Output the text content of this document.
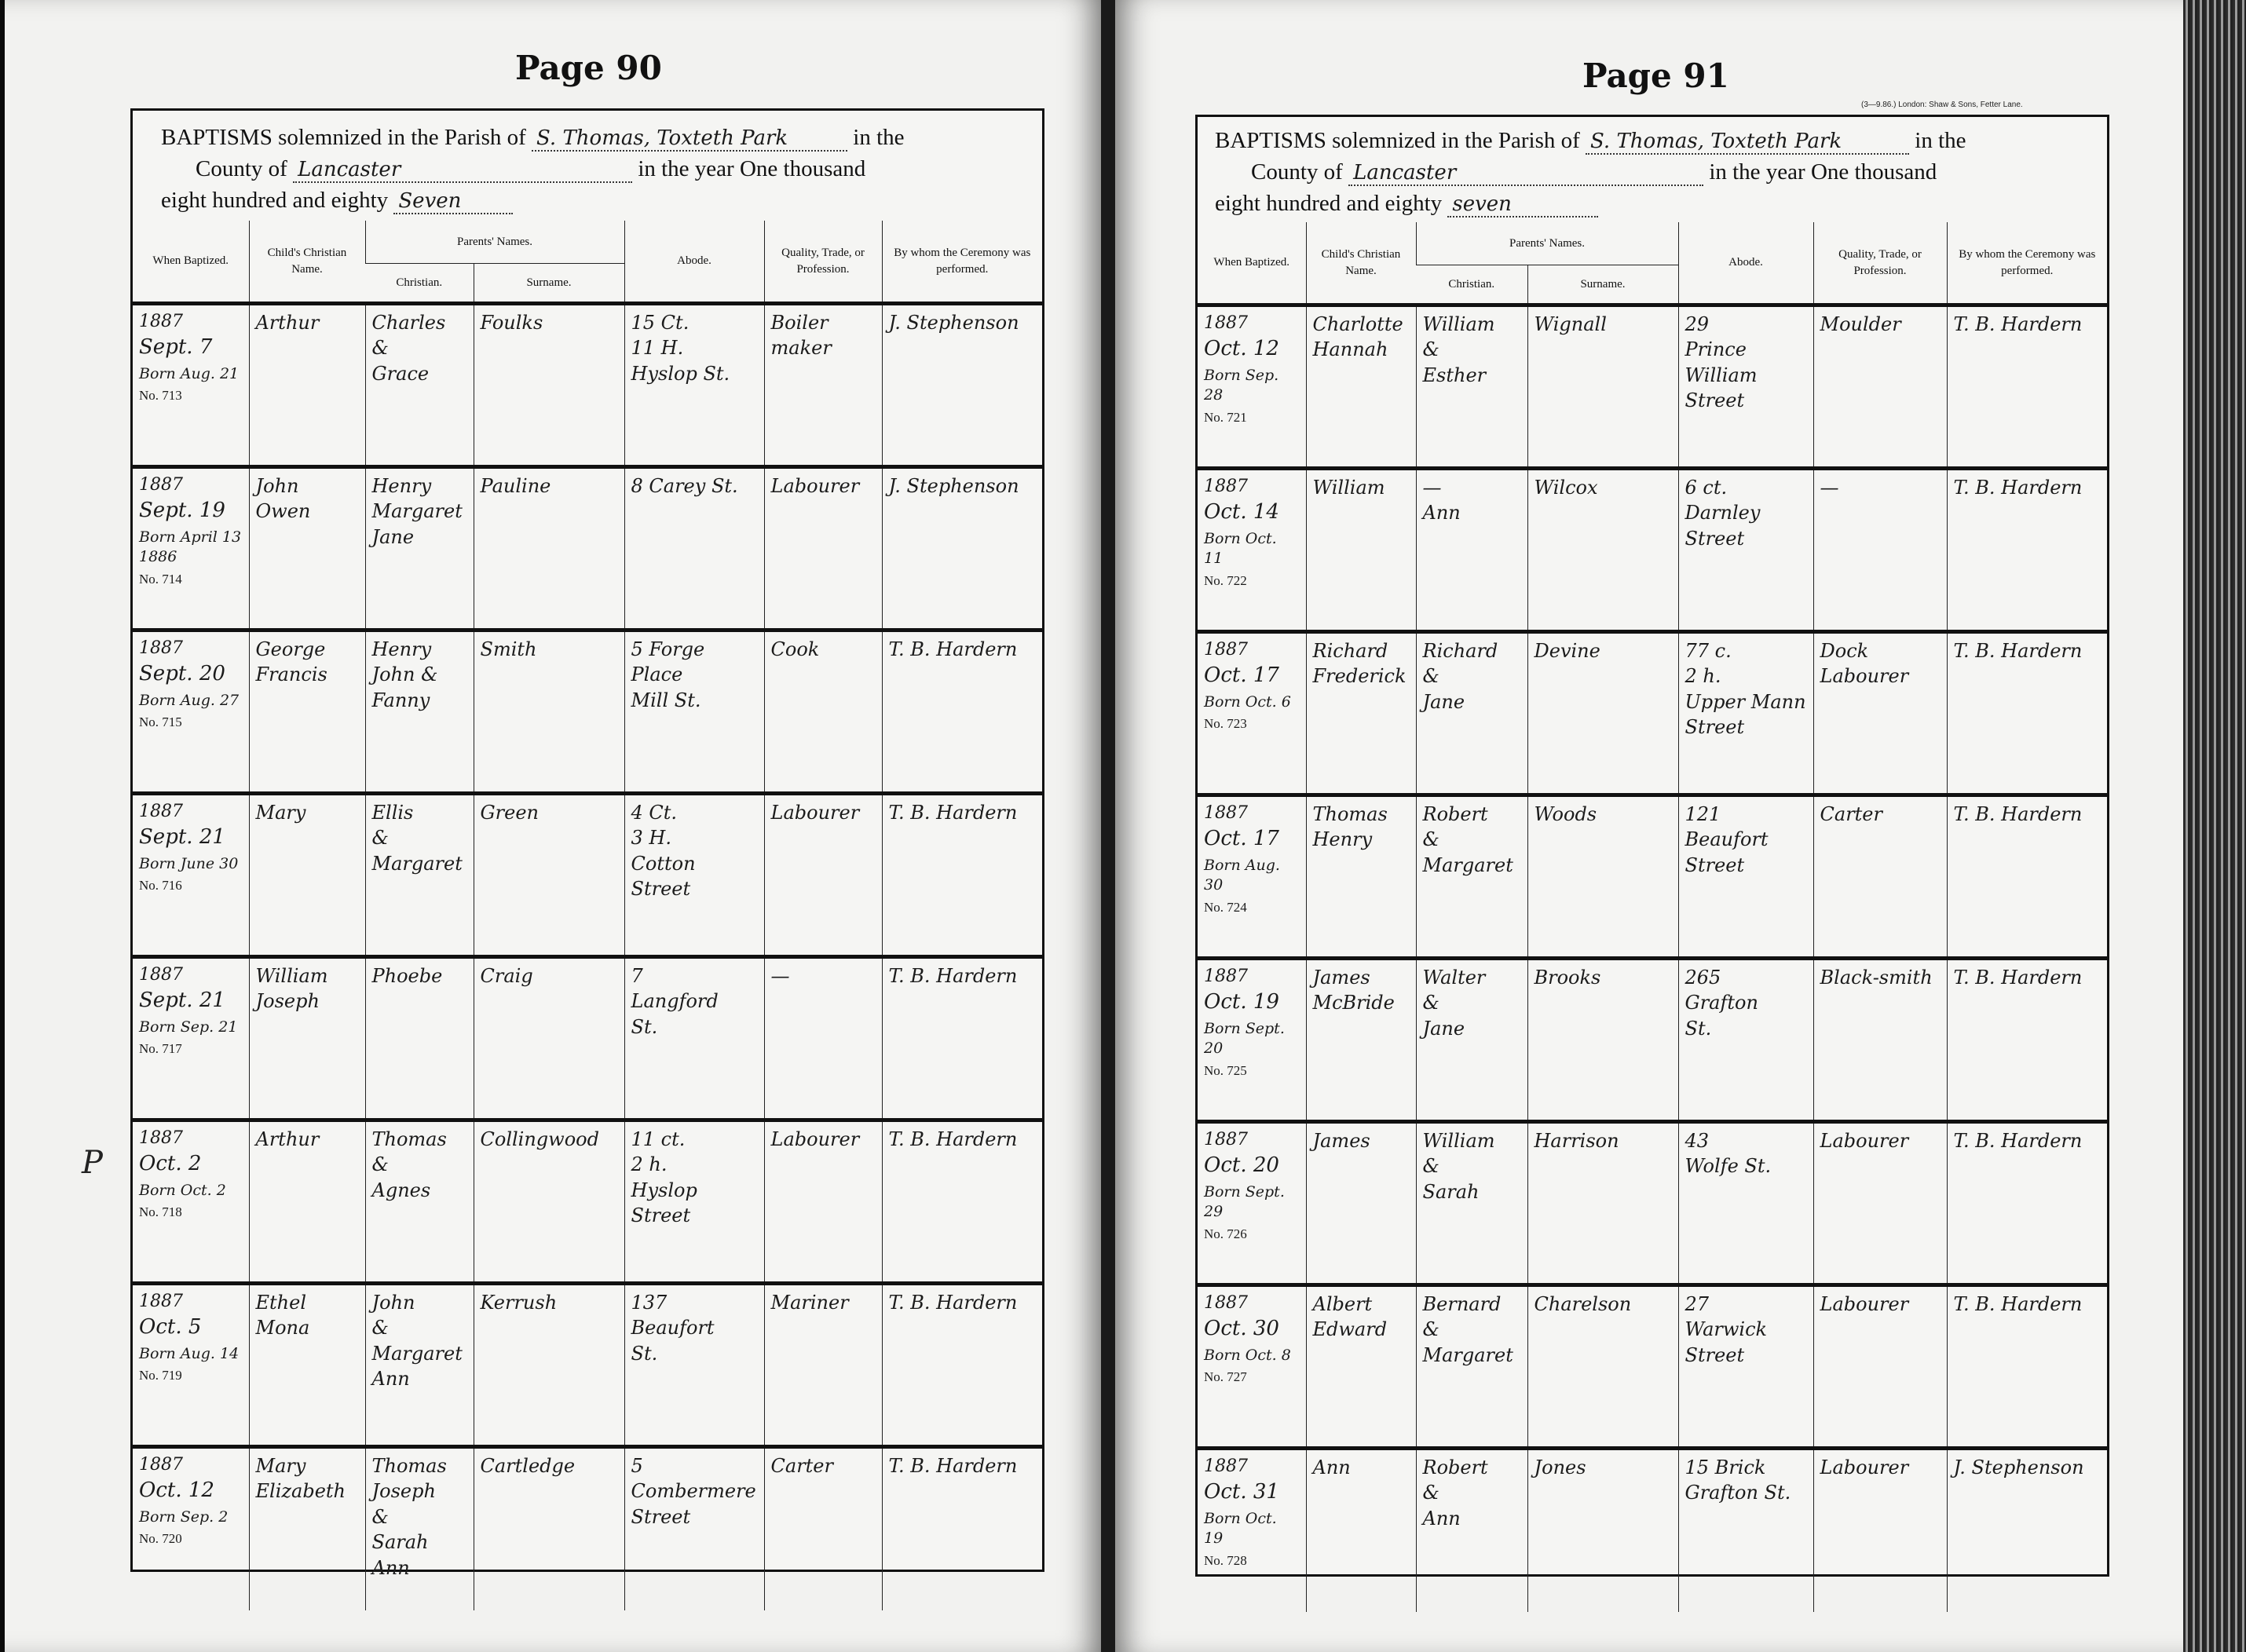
Page 90
P
BAPTISMS solemnized in the Parish of S. Thomas, Toxteth Park	in the
County of Lancaster	in the year One thousand
eight hundred and eighty Seven
When Baptized.	Child's Christian Name.	Parents' Names.		Abode.	Quality, Trade, or Profession.	By whom the Ceremony was performed.
		Christian.	Surname.			

1887
Sept. 7
Born Aug. 21
No. 713	Arthur	Charles
&
Grace	Foulks	15 Ct.
11 H.
Hyslop St.	Boiler maker	J. Stephenson

1887
Sept. 19
Born April 13 1886
No. 714	John Owen	Henry
Margaret
Jane	Pauline	8 Carey St.	Labourer	J. Stephenson

1887
Sept. 20
Born Aug. 27
No. 715	George Francis	Henry
John &
Fanny	Smith	5 Forge
Place
Mill St.	Cook	T. B. Hardern

1887
Sept. 21
Born June 30
No. 716	Mary	Ellis
&
Margaret	Green	4 Ct.
3 H.
Cotton
Street	Labourer	T. B. Hardern

1887
Sept. 21
Born Sep. 21
No. 717	William Joseph	Phoebe	Craig	7
Langford
St.	—	T. B. Hardern

1887
Oct. 2
Born Oct. 2
No. 718	Arthur	Thomas
&
Agnes	Collingwood	11 ct.
2 h.
Hyslop
Street	Labourer	T. B. Hardern

1887
Oct. 5
Born Aug. 14
No. 719	Ethel Mona	John
&
Margaret
Ann	Kerrush	137
Beaufort
St.	Mariner	T. B. Hardern

1887
Oct. 12
Born Sep. 2
No. 720	Mary Elizabeth	Thomas
Joseph
&
Sarah Ann	Cartledge	5
Combermere
Street	Carter	T. B. Hardern
Page 91
(3—9.86.) London: Shaw & Sons, Fetter Lane.
BAPTISMS solemnized in the Parish of S. Thomas, Toxteth Park	in the
County of Lancaster	in the year One thousand
eight hundred and eighty seven
When Baptized.	Child's Christian Name.	Parents' Names.		Abode.	Quality, Trade, or Profession.	By whom the Ceremony was performed.
		Christian.	Surname.			

1887
Oct. 12
Born Sep. 28
No. 721	Charlotte Hannah	William
&
Esther	Wignall	29
Prince
William
Street	Moulder	T. B. Hardern

1887
Oct. 14
Born Oct. 11
No. 722	William	—
Ann	Wilcox	6 ct.
Darnley
Street	—	T. B. Hardern

1887
Oct. 17
Born Oct. 6
No. 723	Richard Frederick	Richard
&
Jane	Devine	77 c.
2 h.
Upper Mann
Street	Dock Labourer	T. B. Hardern

1887
Oct. 17
Born Aug. 30
No. 724	Thomas Henry	Robert
&
Margaret	Woods	121
Beaufort
Street	Carter	T. B. Hardern

1887
Oct. 19
Born Sept. 20
No. 725	James McBride	Walter
&
Jane	Brooks	265
Grafton
St.	Black-smith	T. B. Hardern

1887
Oct. 20
Born Sept. 29
No. 726	James	William
&
Sarah	Harrison	43
Wolfe St.	Labourer	T. B. Hardern

1887
Oct. 30
Born Oct. 8
No. 727	Albert Edward	Bernard
&
Margaret	Charelson	27
Warwick
Street	Labourer	T. B. Hardern

1887
Oct. 31
Born Oct. 19
No. 728	Ann	Robert
&
Ann	Jones	15 Brick
Grafton St.	Labourer	J. Stephenson
